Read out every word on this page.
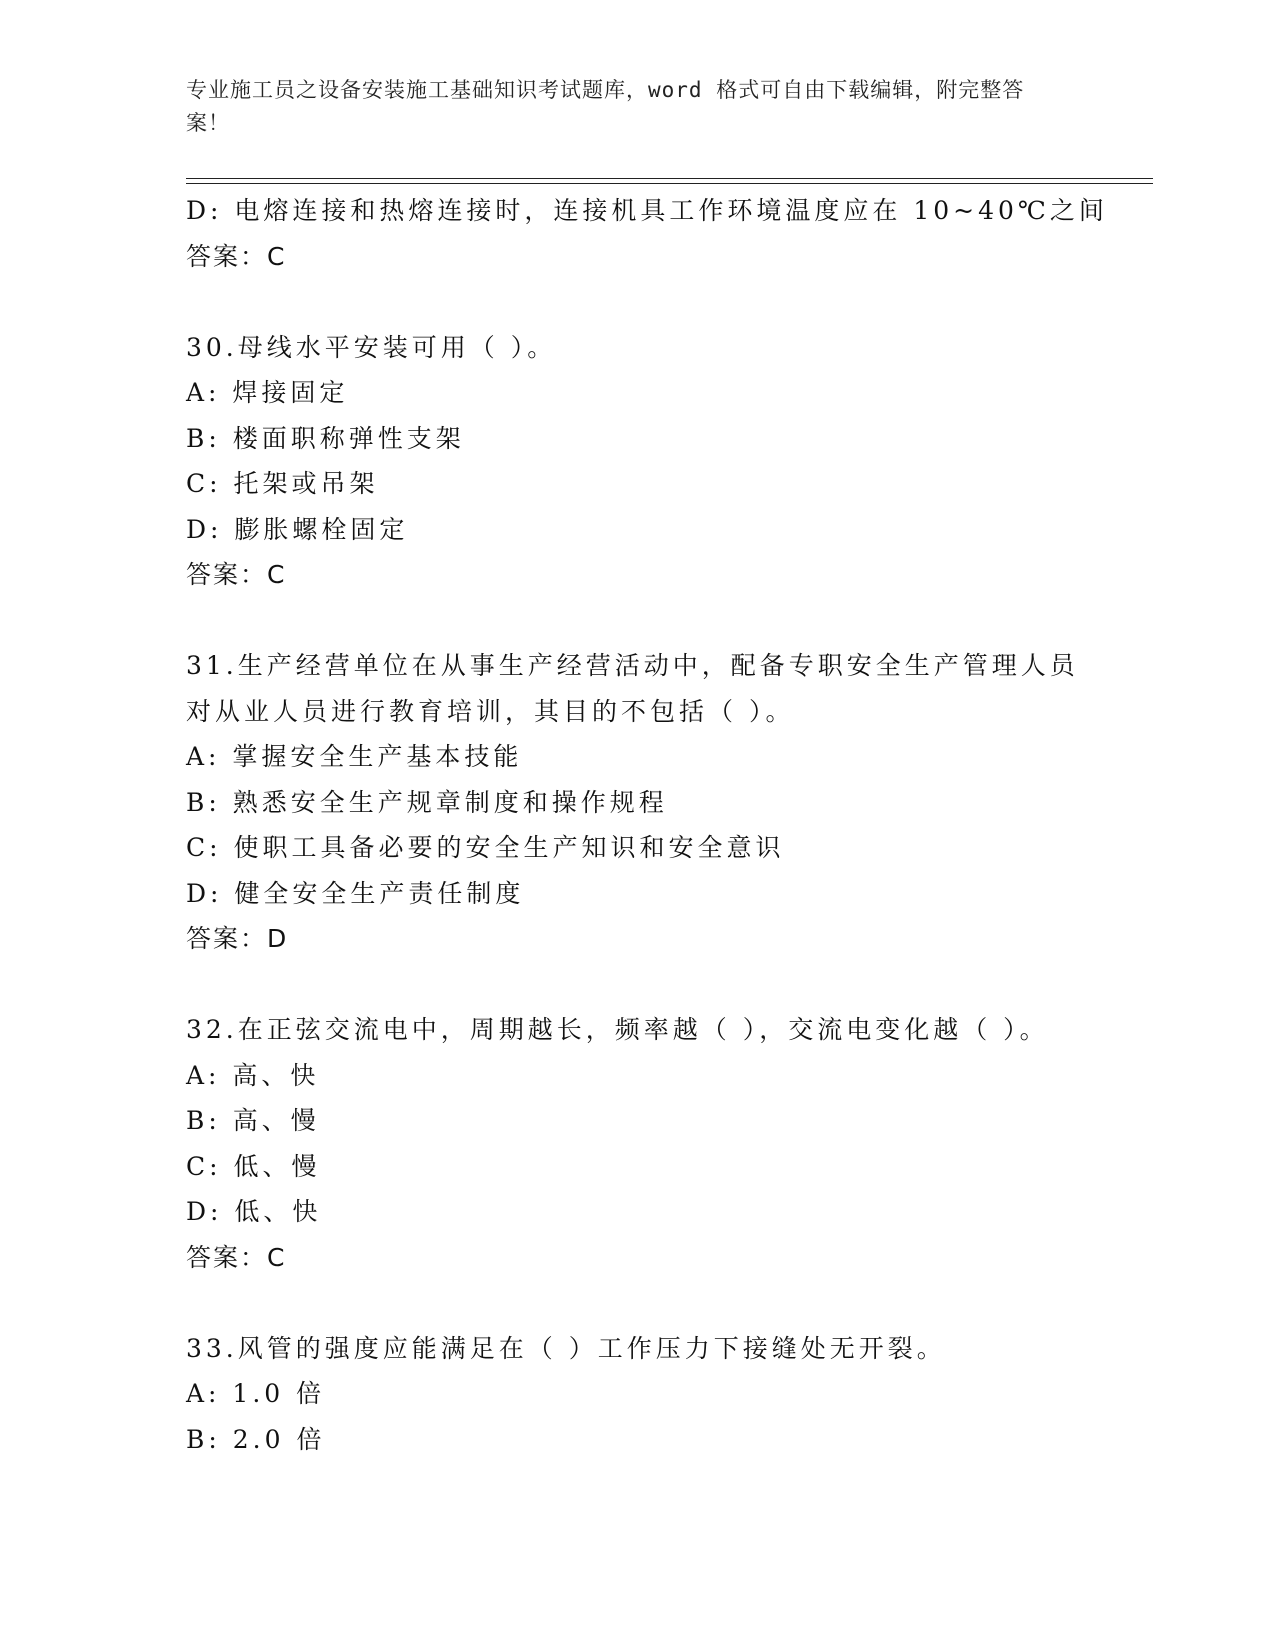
专业施工员之设备安装施工基础知识考试题库，word 格式可自由下载编辑，附完整答案！
D: 电熔连接和热熔连接时，连接机具工作环境温度应在 10~40℃之间
答案：C
30.母线水平安装可用（ ）。
A: 焊接固定
B: 楼面职称弹性支架
C: 托架或吊架
D: 膨胀螺栓固定
答案：C
31.生产经营单位在从事生产经营活动中，配备专职安全生产管理人员
对从业人员进行教育培训，其目的不包括（ ）。
A: 掌握安全生产基本技能
B: 熟悉安全生产规章制度和操作规程
C: 使职工具备必要的安全生产知识和安全意识
D: 健全安全生产责任制度
答案：D
32.在正弦交流电中，周期越长，频率越（ ），交流电变化越（ ）。
A: 高、快
B: 高、慢
C: 低、慢
D: 低、快
答案：C
33.风管的强度应能满足在（ ）工作压力下接缝处无开裂。
A: 1.0 倍
B: 2.0 倍
